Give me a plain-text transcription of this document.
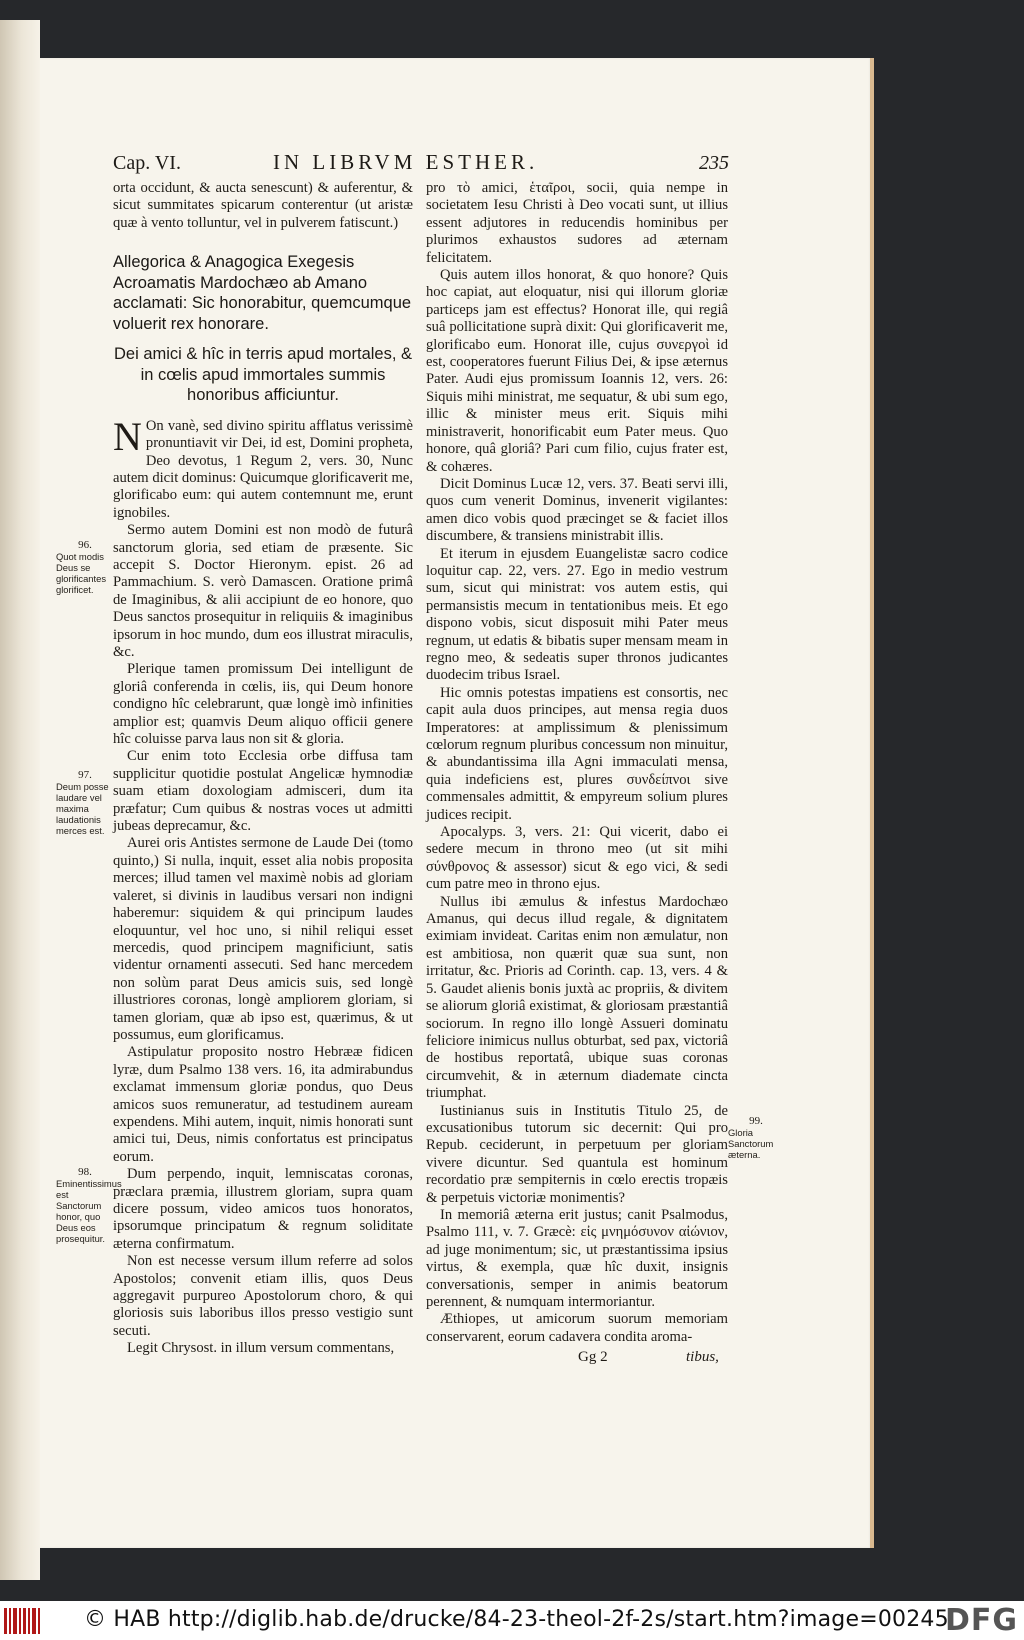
Cap. VI.	IN LIBRVM ESTHER.	235

orta occidunt, & aucta senescunt) & auferentur, & sicut summitates spicarum conterentur (ut aristæ quæ à vento tolluntur, vel in pulverem fatiscunt.)

Allegorica & Anagogica Exegesis Acroamatis Mardochæo ab Amano acclamati: Sic honorabitur, quemcumque voluerit rex honorare.
Dei amici & hîc in terris apud mortales, & in cœlis apud immortales summis honoribus afficiuntur.

N On vanè, sed divino spiritu afflatus verissimè pronuntiavit vir Dei, id est, Domini propheta, Deo devotus, 1 Regum 2, vers. 30, Nunc autem dicit dominus: Quicumque glorificaverit me, glorificabo eum: qui autem contemnunt me, erunt ignobiles.

Sermo autem Domini est non modò de futurâ sanctorum gloria, sed etiam de præsente. Sic accepit S. Doctor Hieronym. epist. 26 ad Pammachium. S. verò Damascen. Oratione primâ de Imaginibus, & alii accipiunt de eo honore, quo Deus sanctos prosequitur in reliquiis & imaginibus ipsorum in hoc mundo, dum eos illustrat miraculis, &c.

Plerique tamen promissum Dei intelligunt de gloriâ conferenda in cœlis, iis, qui Deum honore condigno hîc celebrarunt, quæ longè imò infinities amplior est; quamvis Deum aliquo officii genere hîc coluisse parva laus non sit & gloria.

Cur enim toto Ecclesia orbe diffusa tam supplicitur quotidie postulat Angelicæ hymnodiæ suam etiam doxologiam admisceri, dum ita præfatur; Cum quibus & nostras voces ut admitti jubeas deprecamur, &c.

Aurei oris Antistes sermone de Laude Dei (tomo quinto,) Si nulla, inquit, esset alia nobis proposita merces; illud tamen vel maximè nobis ad gloriam valeret, si divinis in laudibus versari non indigni haberemur: siquidem & qui principum laudes eloquuntur, vel hoc uno, si nihil reliqui esset mercedis, quod principem magnificiunt, satis videntur ornamenti assecuti. Sed hanc mercedem non solùm parat Deus amicis suis, sed longè illustriores coronas, longè ampliorem gloriam, si tamen gloriam, quæ ab ipso est, quærimus, & ut possumus, eum glorificamus.

Astipulatur proposito nostro Hebrææ fidicen lyræ, dum Psalmo 138 vers. 16, ita admirabundus exclamat immensum gloriæ pondus, quo Deus amicos suos remuneratur, ad testudinem auream expendens. Mihi autem, inquit, nimis honorati sunt amici tui, Deus, nimis confortatus est principatus eorum.

Dum perpendo, inquit, lemniscatas coronas, præclara præmia, illustrem gloriam, supra quam dicere possum, video amicos tuos honoratos, ipsorumque principatum & regnum soliditate æterna confirmatum.

Non est necesse versum illum referre ad solos Apostolos; convenit etiam illis, quos Deus aggregavit purpureo Apostolorum choro, & qui gloriosis suis laboribus illos presso vestigio sunt secuti.

Legit Chrysost. in illum versum commentans,

pro τὸ amici, ἑταῖροι, socii, quia nempe in societatem Iesu Christi à Deo vocati sunt, ut illius essent adjutores in reducendis hominibus per plurimos exhaustos sudores ad æternam felicitatem.

Quis autem illos honorat, & quo honore? Quis hoc capiat, aut eloquatur, nisi qui illorum gloriæ particeps jam est effectus? Honorat ille, qui regiâ suâ pollicitatione suprà dixit: Qui glorificaverit me, glorificabo eum. Honorat ille, cujus συνεργοὶ id est, cooperatores fuerunt Filius Dei, & ipse æternus Pater. Audi ejus promissum Ioannis 12, vers. 26: Siquis mihi ministrat, me sequatur, & ubi sum ego, illic & minister meus erit. Siquis mihi ministraverit, honorificabit eum Pater meus. Quo honore, quâ gloriâ? Pari cum filio, cujus frater est, & cohæres.

Dicit Dominus Lucæ 12, vers. 37. Beati servi illi, quos cum venerit Dominus, invenerit vigilantes: amen dico vobis quod præcinget se & faciet illos discumbere, & transiens ministrabit illis.

Et iterum in ejusdem Euangelistæ sacro codice loquitur cap. 22, vers. 27. Ego in medio vestrum sum, sicut qui ministrat: vos autem estis, qui permansistis mecum in tentationibus meis. Et ego dispono vobis, sicut disposuit mihi Pater meus regnum, ut edatis & bibatis super mensam meam in regno meo, & sedeatis super thronos judicantes duodecim tribus Israel.

Hic omnis potestas impatiens est consortis, nec capit aula duos principes, aut mensa regia duos Imperatores: at amplissimum & plenissimum cœlorum regnum pluribus concessum non minuitur, & abundantissima illa Agni immaculati mensa, quia indeficiens est, plures συνδείπνοι sive commensales admittit, & empyreum solium plures judices recipit.

Apocalyps. 3, vers. 21: Qui vicerit, dabo ei sedere mecum in throno meo (ut sit mihi σύνθρονος & assessor) sicut & ego vici, & sedi cum patre meo in throno ejus.

Nullus ibi æmulus & infestus Mardochæo Amanus, qui decus illud regale, & dignitatem eximiam invideat. Caritas enim non æmulatur, non est ambitiosa, non quærit quæ sua sunt, non irritatur, &c. Prioris ad Corinth. cap. 13, vers. 4 & 5. Gaudet alienis bonis juxtà ac propriis, & divitem se aliorum gloriâ existimat, & gloriosam præstantiâ sociorum. In regno illo longè Assueri dominatu feliciore inimicus nullus obturbat, sed pax, victoriâ de hostibus reportatâ, ubique suas coronas circumvehit, & in æternum diademate cincta triumphat.

Iustinianus suis in Institutis Titulo 25, de excusationibus tutorum sic decernit: Qui pro Repub. ceciderunt, in perpetuum per gloriam vivere dicuntur. Sed quantula est hominum recordatio præ sempiternis in cœlo erectis tropæis & perpetuis victoriæ monimentis?

In memoriâ æterna erit justus; canit Psalmodus, Psalmo 111, v. 7. Græcè: εἰς μνημόσυνον αἰώνιον, ad juge monimentum; sic, ut præstantissima ipsius virtus, & exempla, quæ hîc duxit, insignis conversationis, semper in animis beatorum perennent, & numquam intermoriantur.

Æthiopes, ut amicorum suorum memoriam conservarent, eorum cadavera condita aroma-

96.
Quot modis Deus se glorificantes glorificet.
97.
Deum posse laudare vel maxima laudationis merces est.
98.
Eminentissimus est Sanctorum honor, quo Deus eos prosequitur.
99.
Gloria Sanctorum æterna.
Gg 2	tibus,
© HAB http://diglib.hab.de/drucke/84-23-theol-2f-2s/start.htm?image=00245
DFG
